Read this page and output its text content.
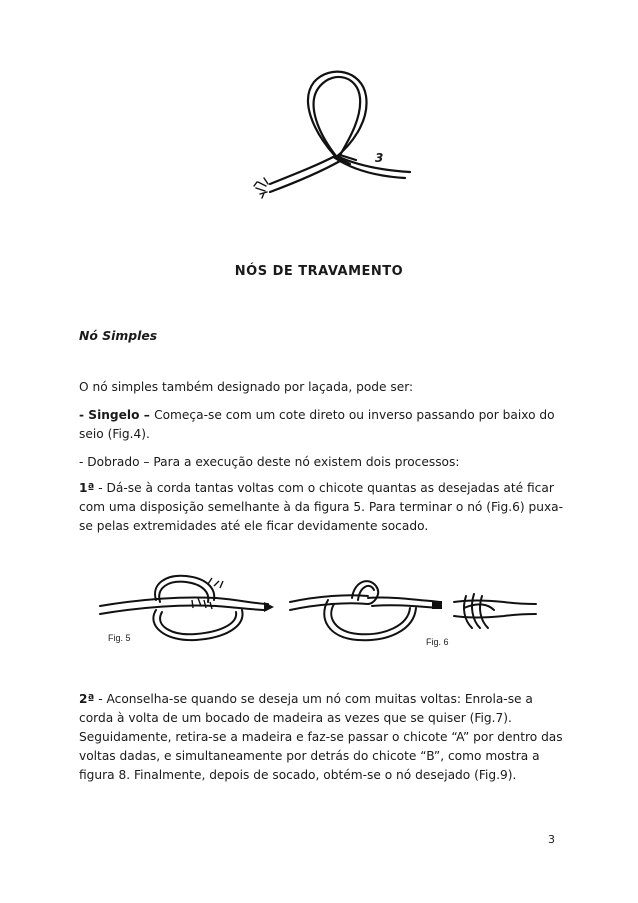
3
NÓS DE TRAVAMENTO
Nó Simples

O nó simples também designado por laçada, pode ser:

- Singelo – Começa-se com um cote direto ou inverso passando por baixo do seio (Fig.4).

- Dobrado – Para a execução deste nó existem dois processos:

1ª - Dá-se à corda tantas voltas com o chicote quantas as desejadas até ficar com uma disposição semelhante à da figura 5. Para terminar o nó (Fig.6) puxa-se pelas extremidades até ele ficar devidamente socado.

Fig. 5	Fig. 6

2ª - Aconselha-se quando se deseja um nó com muitas voltas: Enrola-se a corda à volta de um bocado de madeira as vezes que se quiser (Fig.7). Seguidamente, retira-se a madeira e faz-se passar o chicote “A” por dentro das voltas dadas, e simultaneamente por detrás do chicote “B”, como mostra a figura 8. Finalmente, depois de socado, obtém-se o nó desejado (Fig.9).

3
